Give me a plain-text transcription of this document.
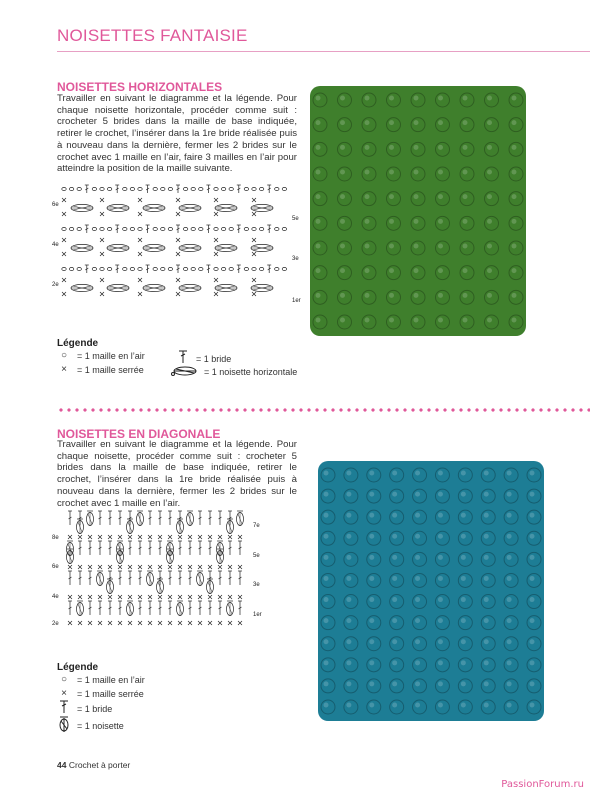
NOISETTES FANTAISIE
NOISETTES HORIZONTALES
Travailler en suivant le diagramme et la légende. Pour chaque noisette horizontale, procéder comme suit : crocheter 5 brides dans la maille de base indiquée, retirer le crochet, l’insérer dans la 1re bride réalisée puis à nouveau dans la dernière, fermer les 2 brides sur le crochet avec 1 maille en l’air, faire 3 mailles en l’air pour atteindre la position de la maille suivante.
6e
5e
4e
3e
2e
1er
Légende
○	= 1 maille en l’air
×	= 1 maille serrée
= 1 bride
= 1 noisette horizontale
NOISETTES EN DIAGONALE
Travailler en suivant le diagramme et la légende. Pour chaque noisette, procéder comme suit : crocheter 5 brides dans la maille de base indiquée, retirer le crochet, l’insérer dans la 1re bride réalisée puis à nouveau dans la dernière, fermer les 2 brides sur le crochet avec 1 maille en l’air.
8e
6e
4e
2e
7e
5e
3e
1er
Légende
○	= 1 maille en l’air
×	= 1 maille serrée
= 1 bride
= 1 noisette
44 Crochet à porter
PassionForum.ru
